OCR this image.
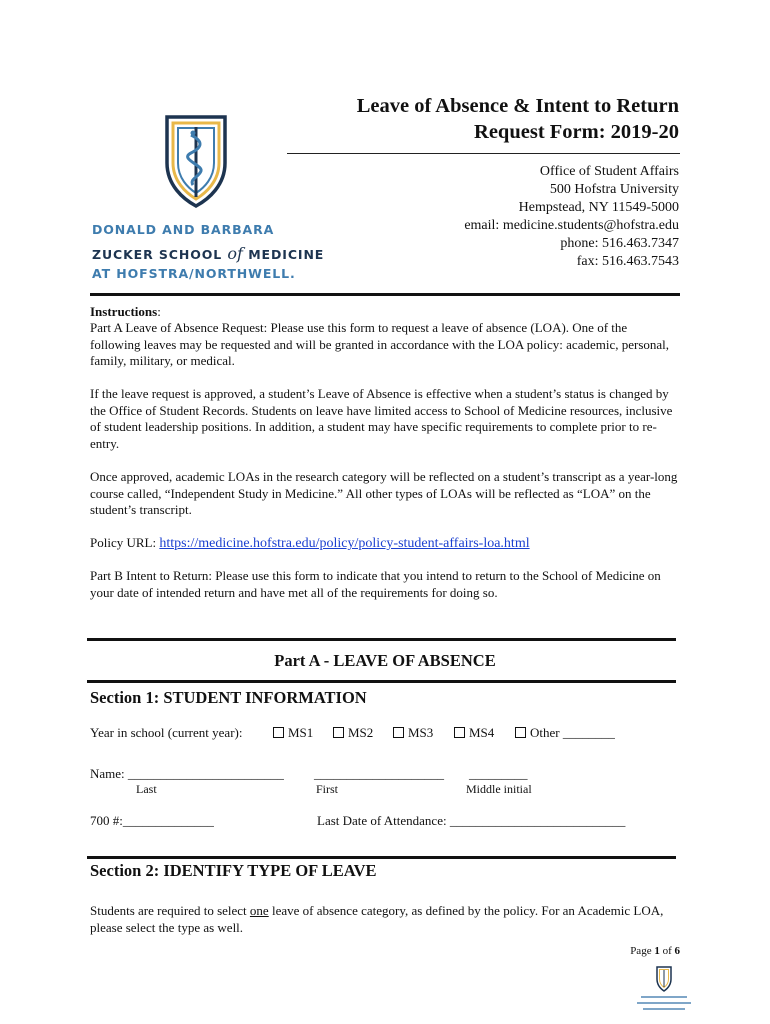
DONALD AND BARBARA
ZUCKER SCHOOL of MEDICINE
AT HOFSTRA/NORTHWELL.
Leave of Absence & Intent to Return
Request Form: 2019-20
Office of Student Affairs
500 Hofstra University
Hempstead, NY 11549-5000
email: medicine.students@hofstra.edu
phone: 516.463.7347
fax: 516.463.7543
Instructions:
Part A Leave of Absence Request: Please use this form to request a leave of absence (LOA). One of the following leaves may be requested and will be granted in accordance with the LOA policy: academic, personal, family, military, or medical.
If the leave request is approved, a student’s Leave of Absence is effective when a student’s status is changed by the Office of Student Records. Students on leave have limited access to School of Medicine resources, inclusive of student leadership positions. In addition, a student may have specific requirements to complete prior to re-entry.
Once approved, academic LOAs in the research category will be reflected on a student’s transcript as a year-long course called, “Independent Study in Medicine.” All other types of LOAs will be reflected as “LOA” on the student’s transcript.
Policy URL: https://medicine.hofstra.edu/policy/policy-student-affairs-loa.html
Part B Intent to Return: Please use this form to indicate that you intend to return to the School of Medicine on your date of intended return and have met all of the requirements for doing so.
Part A - LEAVE OF ABSENCE
Section 1: STUDENT INFORMATION
Year in school (current year):	MS1	MS2	MS3	MS4	Other ________
Name: ________________________ ____________________ _________
Last	First	Middle initial
700 #:______________	Last Date of Attendance: ___________________________
Section 2: IDENTIFY TYPE OF LEAVE
Students are required to select one leave of absence category, as defined by the policy. For an Academic LOA, please select the type as well.
Page 1 of 6
